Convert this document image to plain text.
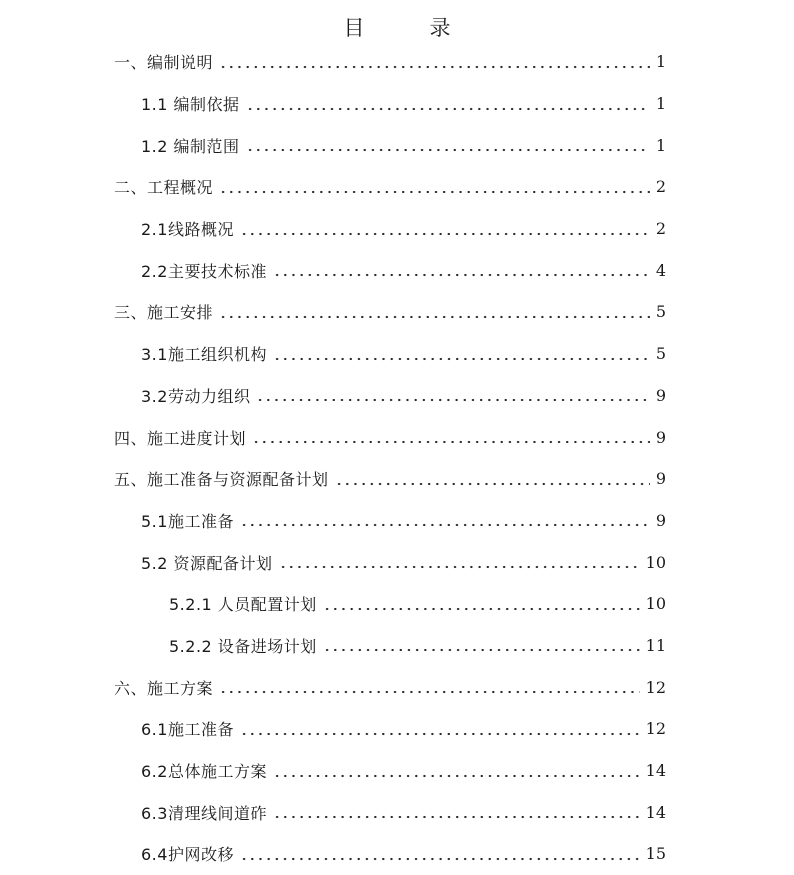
目　录
一、编制说明	1
1.1 编制依据	1
1.2 编制范围	1
二、工程概况	2
2.1线路概况	2
2.2主要技术标准	4
三、施工安排	5
3.1施工组织机构	5
3.2劳动力组织	9
四、施工进度计划	9
五、施工准备与资源配备计划	9
5.1施工准备	9
5.2 资源配备计划	10
5.2.1 人员配置计划	10
5.2.2 设备进场计划	11
六、施工方案	12
6.1施工准备	12
6.2总体施工方案	14
6.3清理线间道砟	14
6.4护网改移	15
